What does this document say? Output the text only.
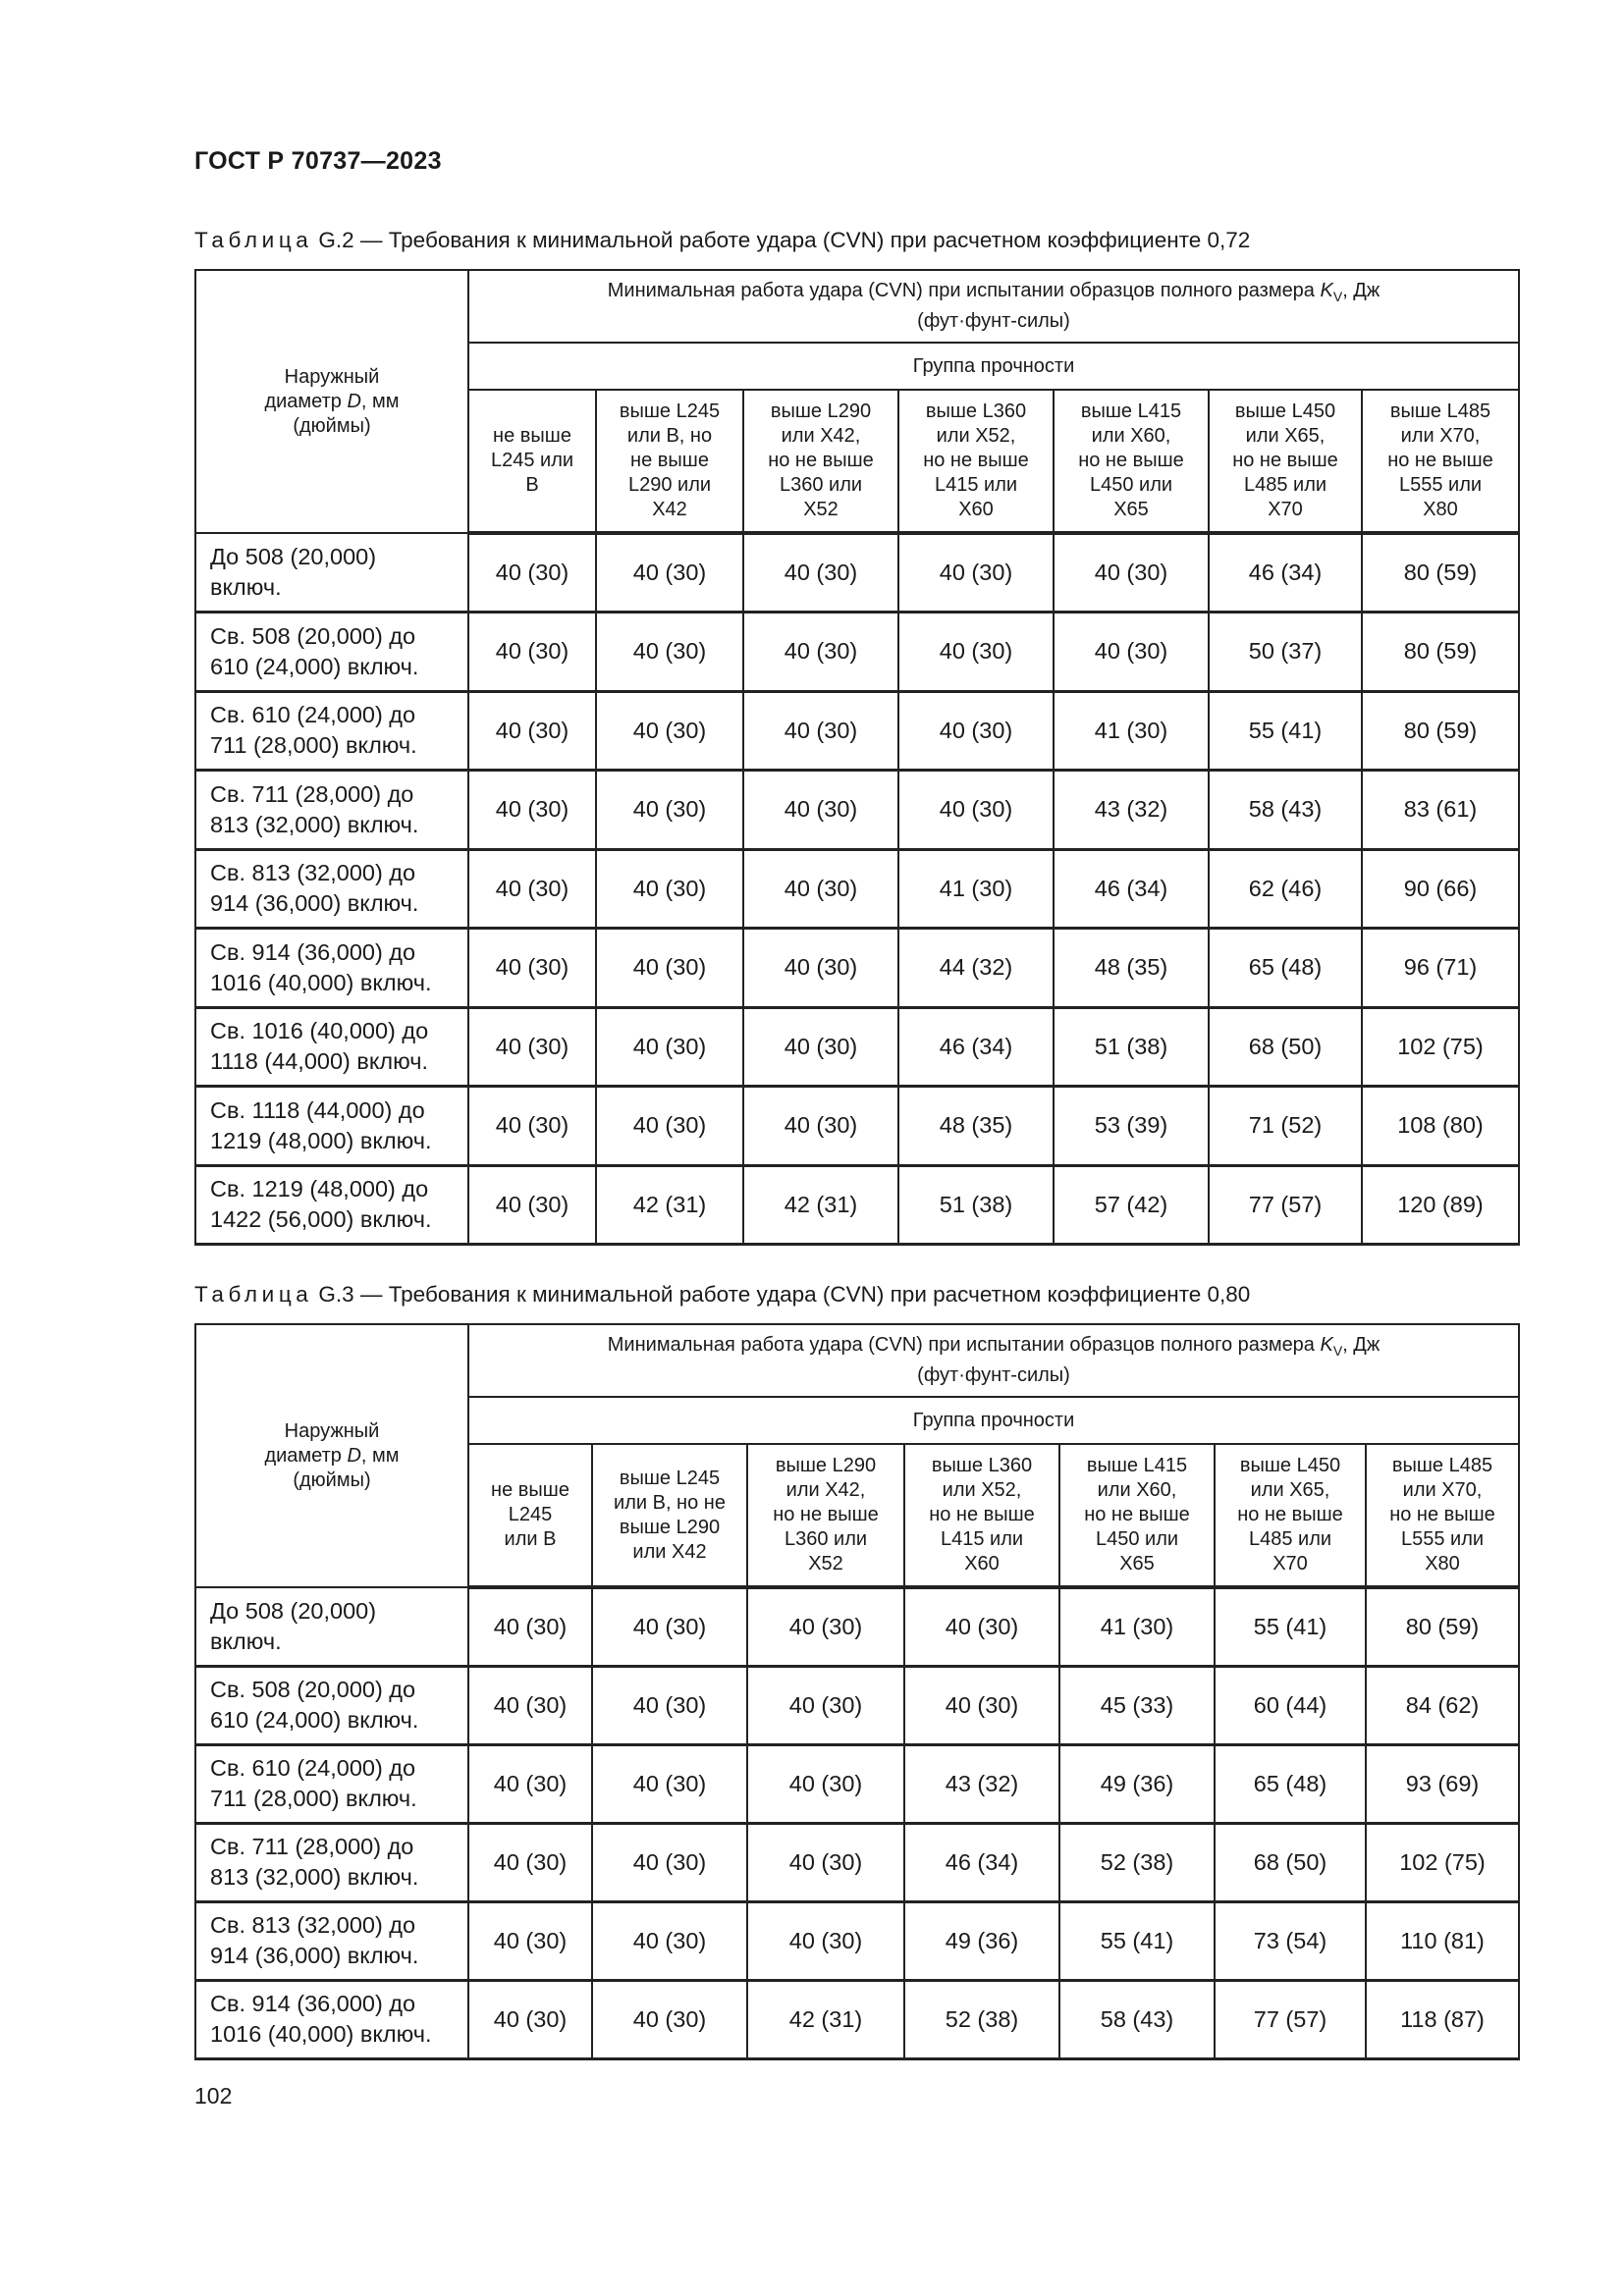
ГОСТ Р 70737—2023
Таблица G.2 — Требования к минимальной работе удара (CVN) при расчетном коэффициенте 0,72
Наружный
диаметр D, мм
(дюймы)	Минимальная работа удара (CVN) при испытании образцов полного размера $K_V$, Дж
(фут·фунт-силы)						
	Группа прочности						
	не выше
L245 или
B	выше L245
или B, но
не выше
L290 или
X42	выше L290
или X42,
но не выше
L360 или
X52	выше L360
или X52,
но не выше
L415 или
X60	выше L415
или X60,
но не выше
L450 или
X65	выше L450
или X65,
но не выше
L485 или
X70	выше L485
или X70,
но не выше
L555 или
X80
До 508 (20,000)
включ.	40 (30)	40 (30)	40 (30)	40 (30)	40 (30)	46 (34)	80 (59)
Св. 508 (20,000) до
610 (24,000) включ.	40 (30)	40 (30)	40 (30)	40 (30)	40 (30)	50 (37)	80 (59)
Св. 610 (24,000) до
711 (28,000) включ.	40 (30)	40 (30)	40 (30)	40 (30)	41 (30)	55 (41)	80 (59)
Св. 711 (28,000) до
813 (32,000) включ.	40 (30)	40 (30)	40 (30)	40 (30)	43 (32)	58 (43)	83 (61)
Св. 813 (32,000) до
914 (36,000) включ.	40 (30)	40 (30)	40 (30)	41 (30)	46 (34)	62 (46)	90 (66)
Св. 914 (36,000) до
1016 (40,000) включ.	40 (30)	40 (30)	40 (30)	44 (32)	48 (35)	65 (48)	96 (71)
Св. 1016 (40,000) до
1118 (44,000) включ.	40 (30)	40 (30)	40 (30)	46 (34)	51 (38)	68 (50)	102 (75)
Св. 1118 (44,000) до
1219 (48,000) включ.	40 (30)	40 (30)	40 (30)	48 (35)	53 (39)	71 (52)	108 (80)
Св. 1219 (48,000) до
1422 (56,000) включ.	40 (30)	42 (31)	42 (31)	51 (38)	57 (42)	77 (57)	120 (89)
Таблица G.3 — Требования к минимальной работе удара (CVN) при расчетном коэффициенте 0,80
Наружный
диаметр D, мм
(дюймы)	Минимальная работа удара (CVN) при испытании образцов полного размера $K_V$, Дж
(фут·фунт-силы)						
	Группа прочности						
	не выше
L245
или B	выше L245
или B, но не
выше L290
или X42	выше L290
или X42,
но не выше
L360 или
X52	выше L360
или X52,
но не выше
L415 или
X60	выше L415
или X60,
но не выше
L450 или
X65	выше L450
или X65,
но не выше
L485 или
X70	выше L485
или X70,
но не выше
L555 или
X80
До 508 (20,000)
включ.	40 (30)	40 (30)	40 (30)	40 (30)	41 (30)	55 (41)	80 (59)
Св. 508 (20,000) до
610 (24,000) включ.	40 (30)	40 (30)	40 (30)	40 (30)	45 (33)	60 (44)	84 (62)
Св. 610 (24,000) до
711 (28,000) включ.	40 (30)	40 (30)	40 (30)	43 (32)	49 (36)	65 (48)	93 (69)
Св. 711 (28,000) до
813 (32,000) включ.	40 (30)	40 (30)	40 (30)	46 (34)	52 (38)	68 (50)	102 (75)
Св. 813 (32,000) до
914 (36,000) включ.	40 (30)	40 (30)	40 (30)	49 (36)	55 (41)	73 (54)	110 (81)
Св. 914 (36,000) до
1016 (40,000) включ.	40 (30)	40 (30)	42 (31)	52 (38)	58 (43)	77 (57)	118 (87)
102
